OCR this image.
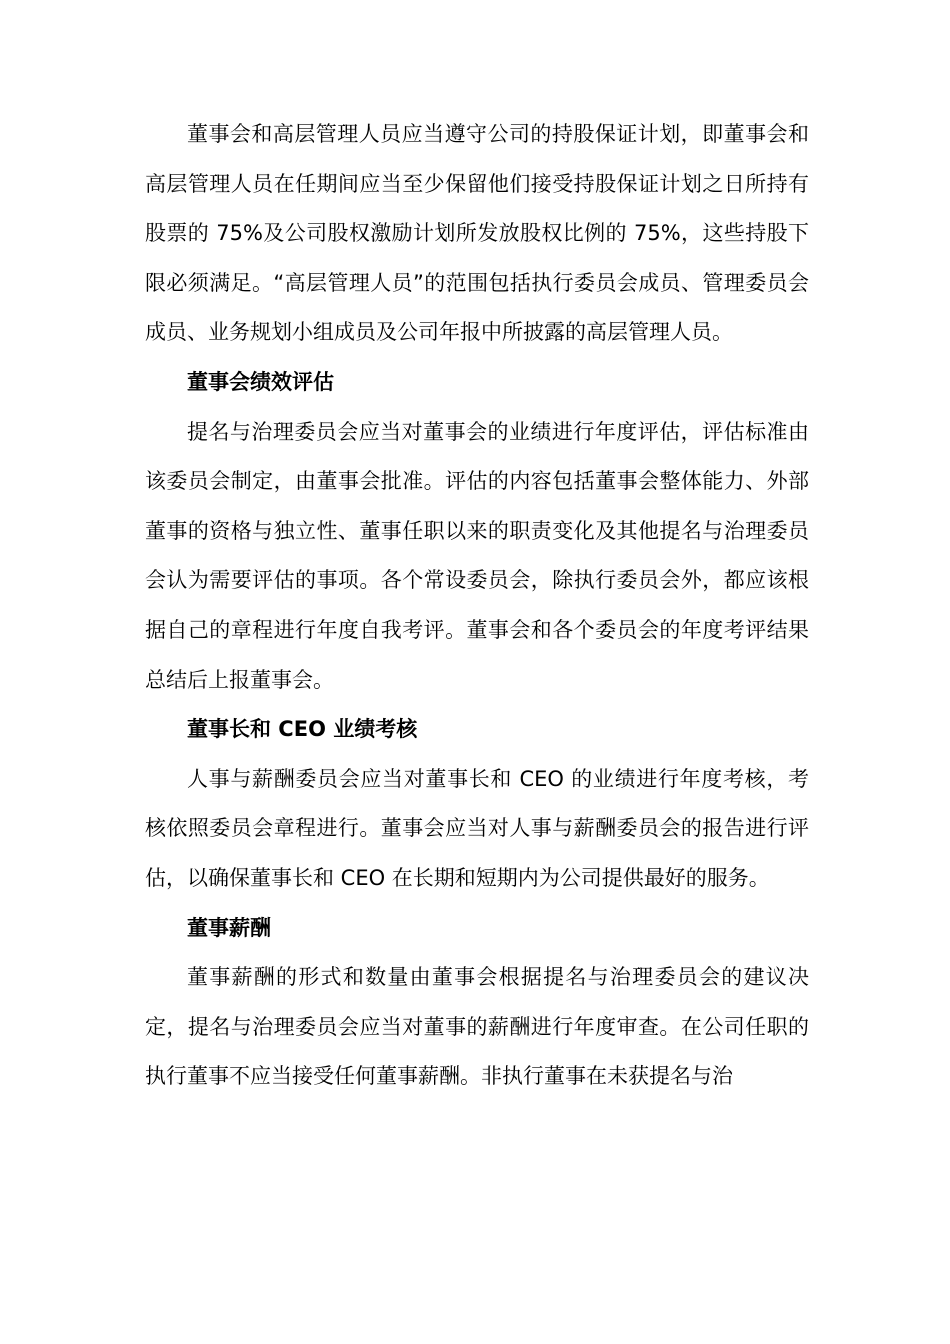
董事会和高层管理人员应当遵守公司的持股保证计划，即董事会和高层管理人员在任期间应当至少保留他们接受持股保证计划之日所持有股票的 75%及公司股权激励计划所发放股权比例的 75%，这些持股下限必须满足。“高层管理人员”的范围包括执行委员会成员、管理委员会成员、业务规划小组成员及公司年报中所披露的高层管理人员。

董事会绩效评估

提名与治理委员会应当对董事会的业绩进行年度评估，评估标准由该委员会制定，由董事会批准。评估的内容包括董事会整体能力、外部董事的资格与独立性、董事任职以来的职责变化及其他提名与治理委员会认为需要评估的事项。各个常设委员会，除执行委员会外，都应该根据自己的章程进行年度自我考评。董事会和各个委员会的年度考评结果总结后上报董事会。

董事长和 CEO 业绩考核

人事与薪酬委员会应当对董事长和 CEO 的业绩进行年度考核，考核依照委员会章程进行。董事会应当对人事与薪酬委员会的报告进行评估，以确保董事长和 CEO 在长期和短期内为公司提供最好的服务。

董事薪酬

董事薪酬的形式和数量由董事会根据提名与治理委员会的建议决定，提名与治理委员会应当对董事的薪酬进行年度审查。在公司任职的执行董事不应当接受任何董事薪酬。非执行董事在未获提名与治
